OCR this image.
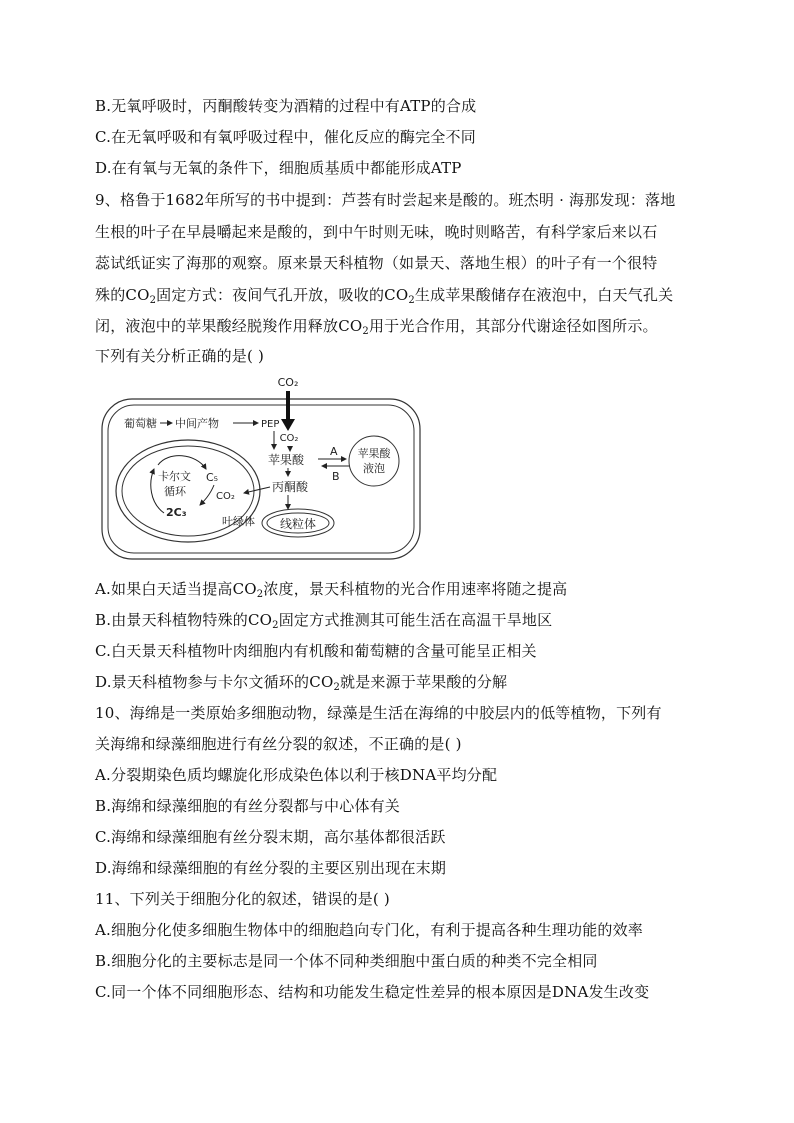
B.无氧呼吸时，丙酮酸转变为酒精的过程中有ATP的合成
C.在无氧呼吸和有氧呼吸过程中，催化反应的酶完全不同
D.在有氧与无氧的条件下，细胞质基质中都能形成ATP
9、格鲁于1682年所写的书中提到：芦荟有时尝起来是酸的。班杰明 · 海那发现：落地
生根的叶子在早晨嚼起来是酸的，到中午时则无味，晚时则略苦，有科学家后来以石
蕊试纸证实了海那的观察。原来景天科植物（如景天、落地生根）的叶子有一个很特
殊的$CO_2$固定方式：夜间气孔开放，吸收的$CO_2$生成苹果酸储存在液泡中，白天气孔关
闭，液泡中的苹果酸经脱羧作用释放$CO_2$用于光合作用，其部分代谢途径如图所示。
下列有关分析正确的是( )
CO₂
CO₂
葡萄糖 中间产物	PEP
苹果酸
A
B
苹果酸
液泡
丙酮酸
线粒体
叶绿体
卡尔文
循环
C₅
CO₂
2C₃
A.如果白天适当提高$CO_2$浓度，景天科植物的光合作用速率将随之提高
B.由景天科植物特殊的$CO_2$固定方式推测其可能生活在高温干旱地区
C.白天景天科植物叶肉细胞内有机酸和葡萄糖的含量可能呈正相关
D.景天科植物参与卡尔文循环的$CO_2$就是来源于苹果酸的分解
10、海绵是一类原始多细胞动物，绿藻是生活在海绵的中胶层内的低等植物，下列有
关海绵和绿藻细胞进行有丝分裂的叙述，不正确的是( )
A.分裂期染色质均螺旋化形成染色体以利于核DNA平均分配
B.海绵和绿藻细胞的有丝分裂都与中心体有关
C.海绵和绿藻细胞有丝分裂末期，高尔基体都很活跃
D.海绵和绿藻细胞的有丝分裂的主要区别出现在末期
11、下列关于细胞分化的叙述，错误的是( )
A.细胞分化使多细胞生物体中的细胞趋向专门化，有利于提高各种生理功能的效率
B.细胞分化的主要标志是同一个体不同种类细胞中蛋白质的种类不完全相同
C.同一个体不同细胞形态、结构和功能发生稳定性差异的根本原因是DNA发生改变
